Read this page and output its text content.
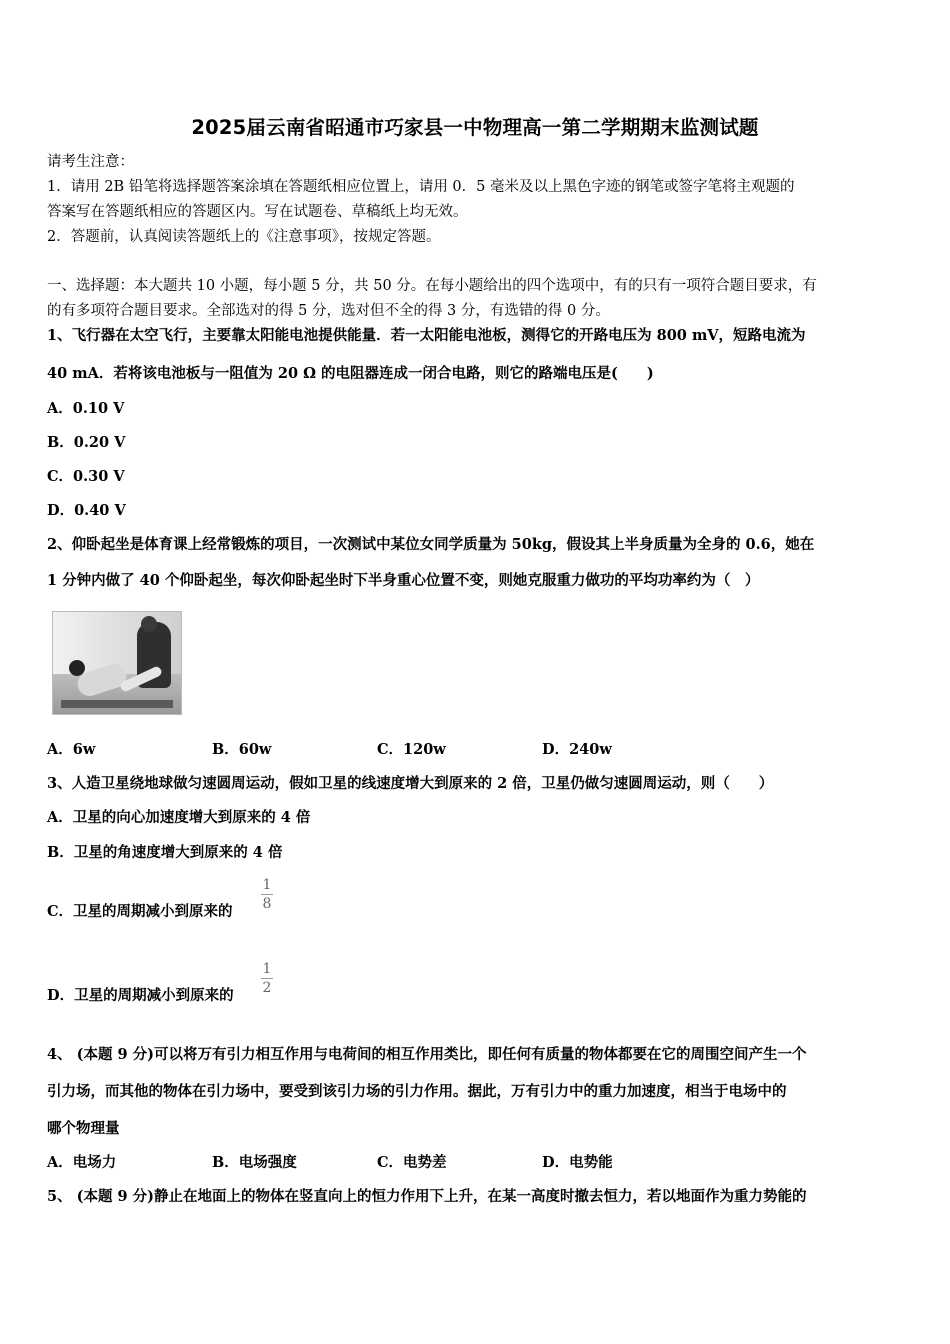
2025届云南省昭通市巧家县一中物理高一第二学期期末监测试题
请考生注意：
1．请用 2B 铅笔将选择题答案涂填在答题纸相应位置上，请用 0．5 毫米及以上黑色字迹的钢笔或签字笔将主观题的
答案写在答题纸相应的答题区内。写在试题卷、草稿纸上均无效。
2．答题前，认真阅读答题纸上的《注意事项》，按规定答题。
一、选择题：本大题共 10 小题，每小题 5 分，共 50 分。在每小题给出的四个选项中，有的只有一项符合题目要求，有
的有多项符合题目要求。全部选对的得 5 分，选对但不全的得 3 分，有选错的得 0 分。
1、飞行器在太空飞行，主要靠太阳能电池提供能量．若一太阳能电池板，测得它的开路电压为 800 mV，短路电流为
40 mA．若将该电池板与一阻值为 20 Ω 的电阻器连成一闭合电路，则它的路端电压是(　　)
A．0.10 V
B．0.20 V
C．0.30 V
D．0.40 V
2、仰卧起坐是体育课上经常锻炼的项目，一次测试中某位女同学质量为 50kg，假设其上半身质量为全身的 0.6，她在
1 分钟内做了 40 个仰卧起坐，每次仰卧起坐时下半身重心位置不变，则她克服重力做功的平均功率约为（　）
A．6w	B．60w	C．120w	D．240w
3、人造卫星绕地球做匀速圆周运动，假如卫星的线速度增大到原来的 2 倍，卫星仍做匀速圆周运动，则（　　）
A．卫星的向心加速度增大到原来的 4 倍
B．卫星的角速度增大到原来的 4 倍
C．卫星的周期减小到原来的
1
8
D．卫星的周期减小到原来的
1
2
4、 (本题 9 分)可以将万有引力相互作用与电荷间的相互作用类比，即任何有质量的物体都要在它的周围空间产生一个
引力场，而其他的物体在引力场中，要受到该引力场的引力作用。据此，万有引力中的重力加速度，相当于电场中的
哪个物理量
A．电场力	B．电场强度	C．电势差	D．电势能
5、 (本题 9 分)静止在地面上的物体在竖直向上的恒力作用下上升，在某一高度时撤去恒力，若以地面作为重力势能的
